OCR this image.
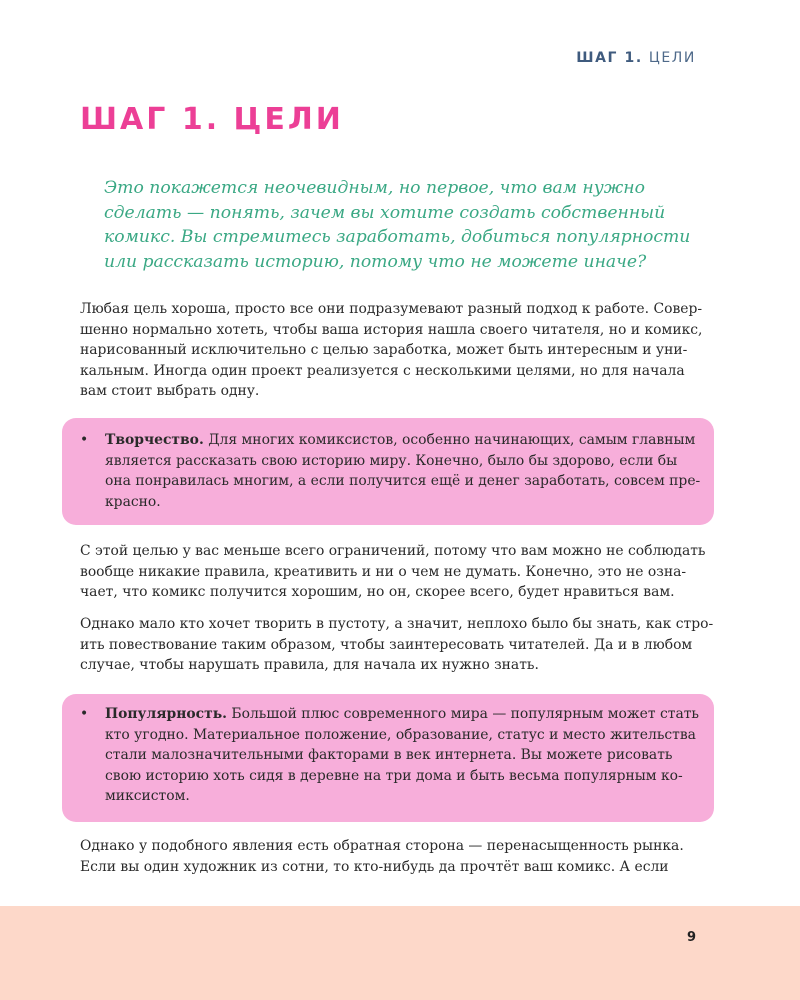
ШАГ 1. ЦЕЛИ
ШАГ 1. ЦЕЛИ
Это покажется неочевидным, но первое, что вам нужно
сделать — понять, зачем вы хотите создать собственный
комикс. Вы стремитесь заработать, добиться популярности
или рассказать историю, потому что не можете иначе?
Любая цель хороша, просто все они подразумевают разный подход к работе. Совер-
шенно нормально хотеть, чтобы ваша история нашла своего читателя, но и комикс,
нарисованный исключительно с целью заработка, может быть интересным и уни-
кальным. Иногда один проект реализуется с несколькими целями, но для начала
вам стоит выбрать одну.
• Творчество. Для многих комиксистов, особенно начинающих, самым главным
является рассказать свою историю миру. Конечно, было бы здорово, если бы
она понравилась многим, а если получится ещё и денег заработать, совсем пре-
красно.
С этой целью у вас меньше всего ограничений, потому что вам можно не соблюдать
вообще никакие правила, креативить и ни о чем не думать. Конечно, это не озна-
чает, что комикс получится хорошим, но он, скорее всего, будет нравиться вам.
Однако мало кто хочет творить в пустоту, а значит, неплохо было бы знать, как стро-
ить повествование таким образом, чтобы заинтересовать читателей. Да и в любом
случае, чтобы нарушать правила, для начала их нужно знать.
• Популярность. Большой плюс современного мира — популярным может стать
кто угодно. Материальное положение, образование, статус и место жительства
стали малозначительными факторами в век интернета. Вы можете рисовать
свою историю хоть сидя в деревне на три дома и быть весьма популярным ко-
миксистом.
Однако у подобного явления есть обратная сторона — перенасыщенность рынка.
Если вы один художник из сотни, то кто-нибудь да прочтёт ваш комикс. А если
9
